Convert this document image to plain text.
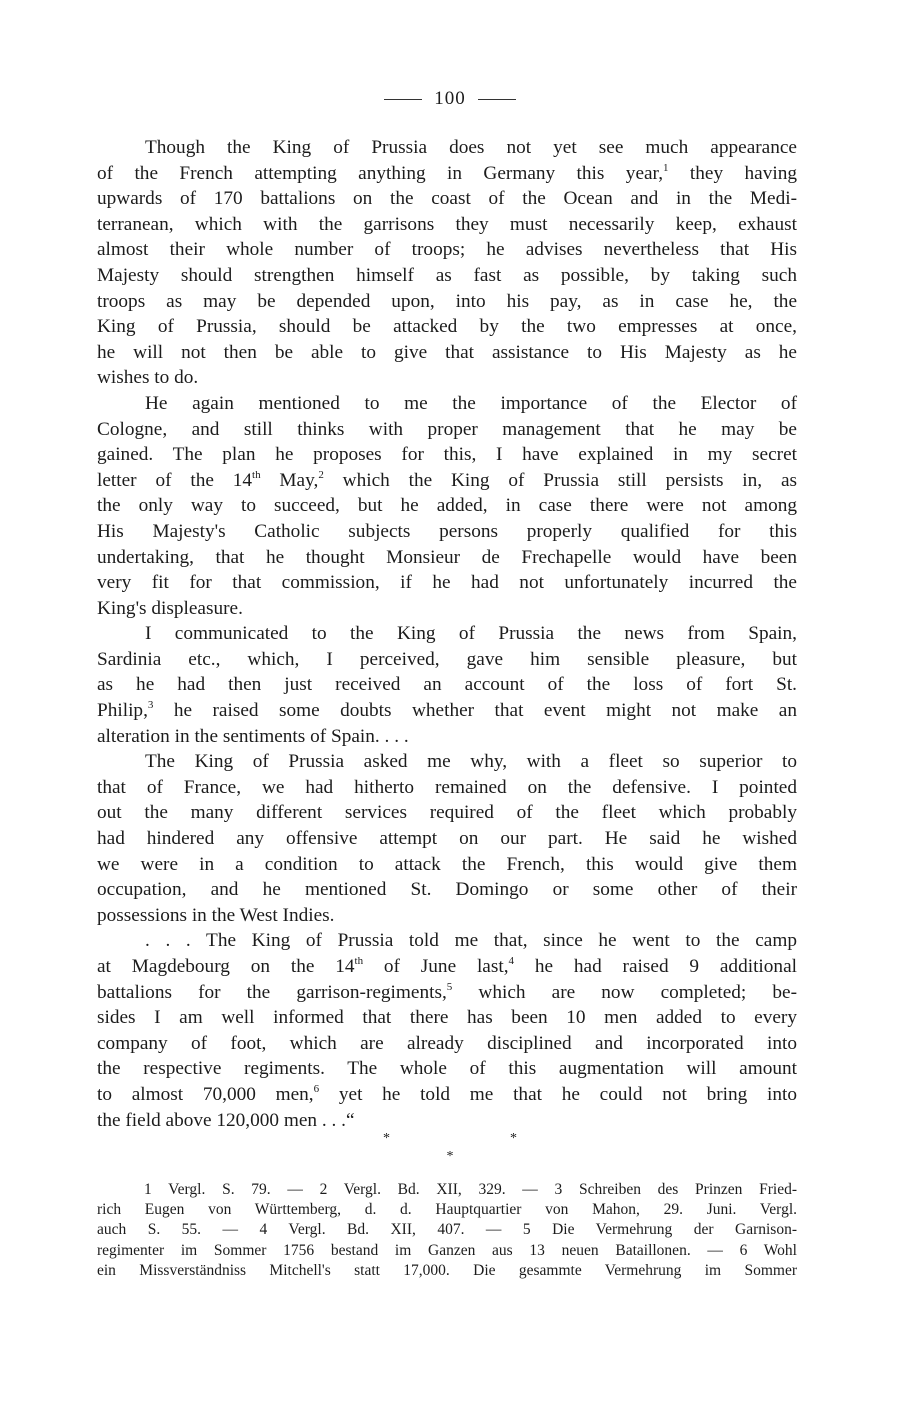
100
Though the King of Prussia does not yet see much appearance
of the French attempting anything in Germany this year,$^1$ they having
upwards of 170 battalions on the coast of the Ocean and in the Medi-
terranean, which with the garrisons they must necessarily keep, exhaust
almost their whole number of troops; he advises nevertheless that His
Majesty should strengthen himself as fast as possible, by taking such
troops as may be depended upon, into his pay, as in case he, the
King of Prussia, should be attacked by the two empresses at once,
he will not then be able to give that assistance to His Majesty as he
wishes to do.
He again mentioned to me the importance of the Elector of
Cologne, and still thinks with proper management that he may be
gained. The plan he proposes for this, I have explained in my secret
letter of the 14th May,$^2$ which the King of Prussia still persists in, as
the only way to succeed, but he added, in case there were not among
His Majesty's Catholic subjects persons properly qualified for this
undertaking, that he thought Monsieur de Frechapelle would have been
very fit for that commission, if he had not unfortunately incurred the
King's displeasure.
I communicated to the King of Prussia the news from Spain,
Sardinia etc., which, I perceived, gave him sensible pleasure, but
as he had then just received an account of the loss of fort St.
Philip,$^3$ he raised some doubts whether that event might not make an
alteration in the sentiments of Spain. . . .
The King of Prussia asked me why, with a fleet so superior to
that of France, we had hitherto remained on the defensive. I pointed
out the many different services required of the fleet which probably
had hindered any offensive attempt on our part. He said he wished
we were in a condition to attack the French, this would give them
occupation, and he mentioned St. Domingo or some other of their
possessions in the West Indies.
. . . The King of Prussia told me that, since he went to the camp
at Magdebourg on the 14th of June last,$^4$ he had raised 9 additional
battalions for the garrison-regiments,$^5$ which are now completed; be-
sides I am well informed that there has been 10 men added to every
company of foot, which are already disciplined and incorporated into
the respective regiments. The whole of this augmentation will amount
to almost 70,000 men,$^6$ yet he told me that he could not bring into
the field above 120,000 men . . .“
*	*
*
1 Vergl. S. 79. — 2 Vergl. Bd. XII, 329. — 3 Schreiben des Prinzen Fried-
rich Eugen von Württemberg, d. d. Hauptquartier von Mahon, 29. Juni. Vergl.
auch S. 55. — 4 Vergl. Bd. XII, 407. — 5 Die Vermehrung der Garnison-
regimenter im Sommer 1756 bestand im Ganzen aus 13 neuen Bataillonen. — 6 Wohl
ein Missverständniss Mitchell's statt 17,000. Die gesammte Vermehrung im Sommer
